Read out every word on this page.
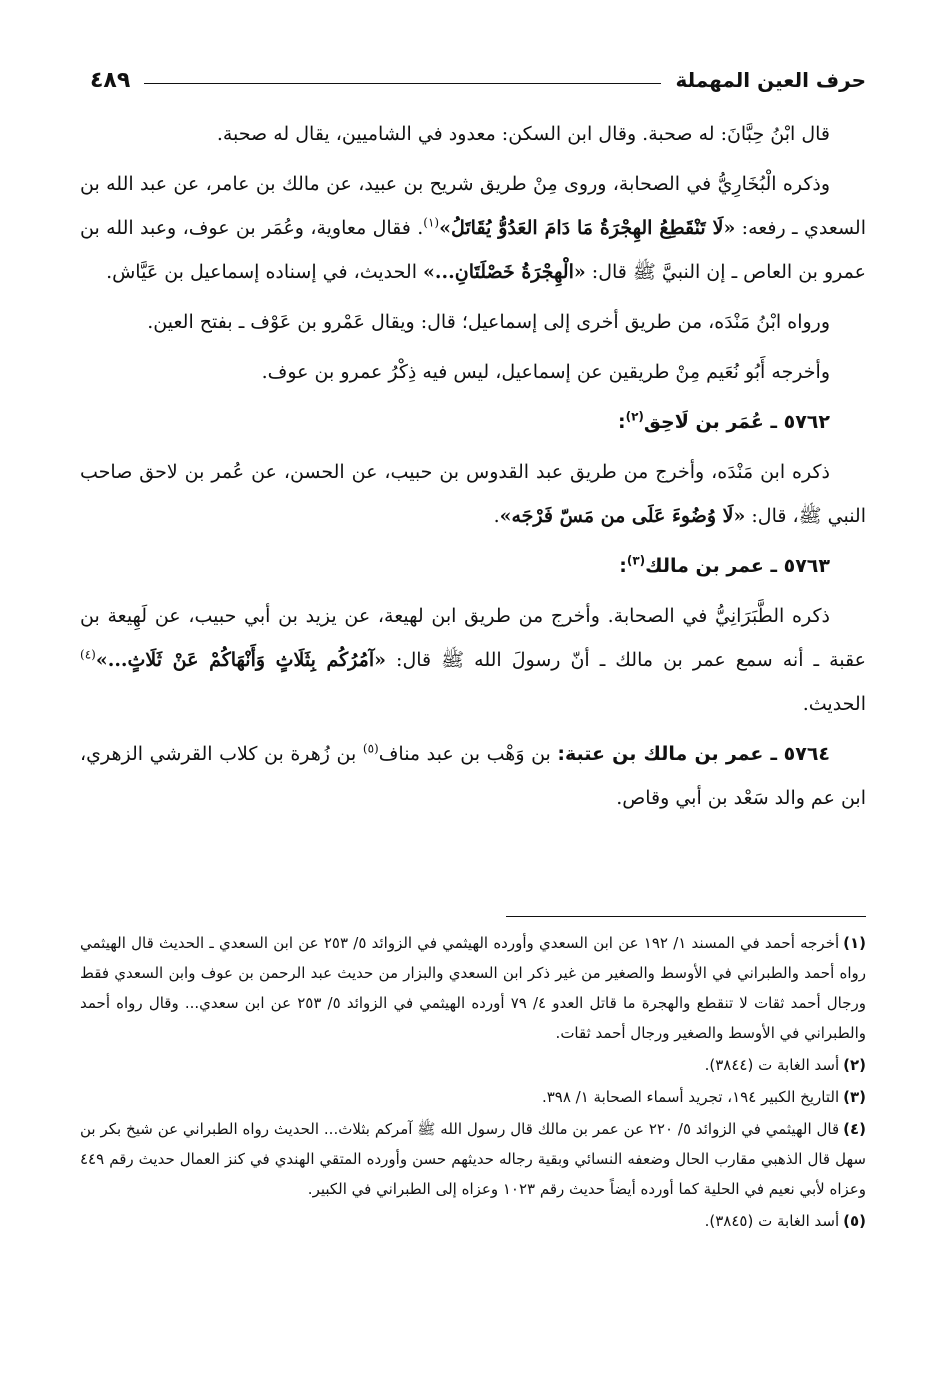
حرف العين المهملة
٤٨٩

قال ابْنُ حِبَّانَ: له صحبة. وقال ابن السكن: معدود في الشاميين، يقال له صحبة.

وذكره الْبُخَارِيُّ في الصحابة، وروى مِنْ طريق شريح بن عبيد، عن مالك بن عامر، عن عبد الله بن السعدي ـ رفعه: «لَا تَنْقَطِعُ الهِجْرَةُ مَا دَامَ العَدُوُّ يُقَاتَلُ»$^{(١)}$. فقال معاوية، وعُمَر بن عوف، وعبد الله بن عمرو بن العاص ـ إن النبيَّ ﷺ قال: «الْهِجْرَةُ خَصْلَتَانِ...» الحديث، في إسناده إسماعيل بن عَيَّاش.

ورواه ابْنُ مَنْدَه، من طريق أخرى إلى إسماعيل؛ قال: ويقال عَمْرو بن عَوْف ـ بفتح العين.

وأخرجه أَبُو نُعَيم مِنْ طريقين عن إسماعيل، ليس فيه ذِكْرُ عمرو بن عوف.

٥٧٦٢ ـ عُمَر بن لَاحِق$^{(٢)}$:

ذكره ابن مَنْدَه، وأخرج من طريق عبد القدوس بن حبيب، عن الحسن، عن عُمر بن لاحق صاحب النبي ﷺ، قال: «لَا وُضُوءَ عَلَى من مَسّ فَرْجَه».

٥٧٦٣ ـ عمر بن مالك$^{(٣)}$:

ذكره الطَّبَرَانِيُّ في الصحابة. وأخرج من طريق ابن لهيعة، عن يزيد بن أبي حبيب، عن لَهِيعة بن عقبة ـ أنه سمع عمر بن مالك ـ أنّ رسولَ الله ﷺ قال: «آمُرُكُم بِثَلَاثٍ وَأَنْهَاكُمْ عَنْ ثَلَاثٍ...»$^{(٤)}$ الحديث.

٥٧٦٤ ـ عمر بن مالك بن عتبة: بن وَهْب بن عبد مناف$^{(٥)}$ بن زُهرة بن كلاب القرشي الزهري، ابن عم والد سَعْد بن أبي وقاص.

(١)أخرجه أحمد في المسند ١/ ١٩٢ عن ابن السعدي وأورده الهيثمي في الزوائد ٥/ ٢٥٣ عن ابن السعدي ـ الحديث قال الهيثمي رواه أحمد والطبراني في الأوسط والصغير من غير ذكر ابن السعدي والبزار من حديث عبد الرحمن بن عوف وابن السعدي فقط ورجال أحمد ثقات لا تنقطع والهجرة ما قاتل العدو ٤/ ٧٩ أورده الهيثمي في الزوائد ٥/ ٢٥٣ عن ابن سعدي... وقال رواه أحمد والطبراني في الأوسط والصغير ورجال أحمد ثقات.

(٢)أسد الغابة ت (٣٨٤٤).

(٣)التاريخ الكبير ١٩٤، تجريد أسماء الصحابة ١/ ٣٩٨.

(٤)قال الهيثمي في الزوائد ٥/ ٢٢٠ عن عمر بن مالك قال رسول الله ﷺ آمركم بثلاث... الحديث رواه الطبراني عن شيخ بكر بن سهل قال الذهبي مقارب الحال وضعفه النسائي وبقية رجاله حديثهم حسن وأورده المتقي الهندي في كنز العمال حديث رقم ٤٤٩ وعزاه لأبي نعيم في الحلية كما أورده أيضاً حديث رقم ١٠٢٣ وعزاه إلى الطبراني في الكبير.

(٥)أسد الغابة ت (٣٨٤٥).
